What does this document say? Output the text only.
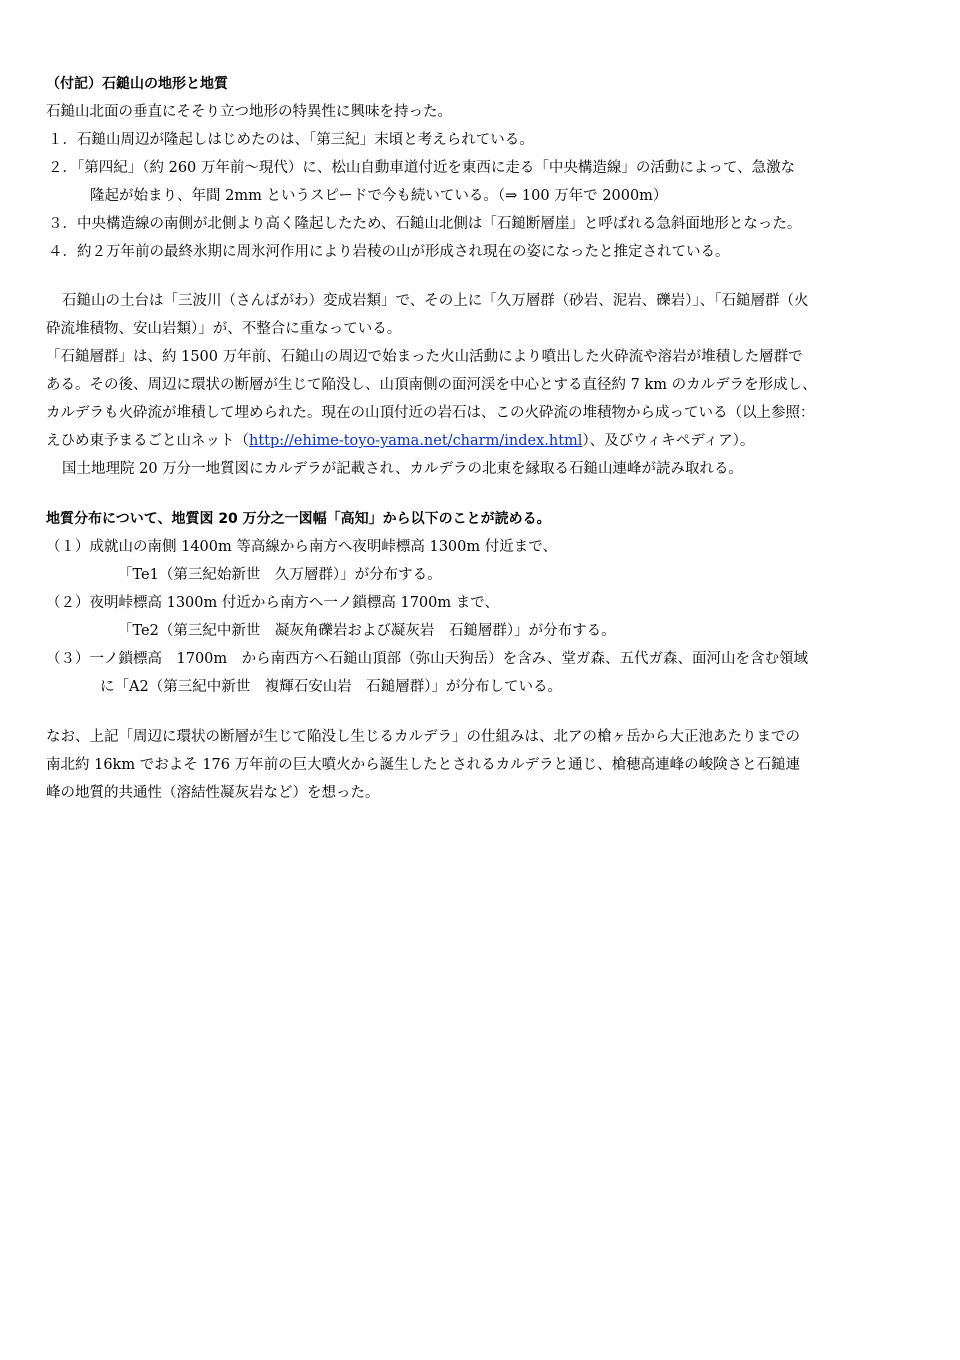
（付記）石鎚山の地形と地質
石鎚山北面の垂直にそそり立つ地形の特異性に興味を持った。
１．石鎚山周辺が隆起しはじめたのは、「第三紀」末頃と考えられている。
２．「第四紀」（約 260 万年前～現代）に、松山自動車道付近を東西に走る「中央構造線」の活動によって、急激な
隆起が始まり、年間 2mm というスピードで今も続いている。（⇒ 100 万年で 2000m）
３．中央構造線の南側が北側より高く隆起したため、石鎚山北側は「石鎚断層崖」と呼ばれる急斜面地形となった。
４．約２万年前の最終氷期に周氷河作用により岩稜の山が形成され現在の姿になったと推定されている。
石鎚山の土台は「三波川（さんばがわ）変成岩類」で、その上に「久万層群（砂岩、泥岩、礫岩）」、「石鎚層群（火
砕流堆積物、安山岩類）」が、不整合に重なっている。
「石鎚層群」は、約 1500 万年前、石鎚山の周辺で始まった火山活動により噴出した火砕流や溶岩が堆積した層群で
ある。その後、周辺に環状の断層が生じて陥没し、山頂南側の面河渓を中心とする直径約 7 km のカルデラを形成し、
カルデラも火砕流が堆積して埋められた。現在の山頂付近の岩石は、この火砕流の堆積物から成っている（以上参照：
えひめ東予まるごと山ネット（http://ehime-toyo-yama.net/charm/index.html）、及びウィキペディア）。
国土地理院 20 万分一地質図にカルデラが記載され、カルデラの北東を縁取る石鎚山連峰が読み取れる。
地質分布について、地質図 20 万分之一図幅「高知」から以下のことが読める。
（１）成就山の南側 1400m 等高線から南方へ夜明峠標高 1300m 付近まで、
「Te1（第三紀始新世　久万層群）」が分布する。
（２）夜明峠標高 1300m 付近から南方へ一ノ鎖標高 1700m まで、
「Te2（第三紀中新世　凝灰角礫岩および凝灰岩　石鎚層群）」が分布する。
（３）一ノ鎖標高　1700m　から南西方へ石鎚山頂部（弥山天狗岳）を含み、堂ガ森、五代ガ森、面河山を含む領域
に「A2（第三紀中新世　複輝石安山岩　石鎚層群）」が分布している。
なお、上記「周辺に環状の断層が生じて陥没し生じるカルデラ」の仕組みは、北アの槍ヶ岳から大正池あたりまでの
南北約 16km でおよそ 176 万年前の巨大噴火から誕生したとされるカルデラと通じ、槍穂高連峰の峻険さと石鎚連
峰の地質的共通性（溶結性凝灰岩など）を想った。
